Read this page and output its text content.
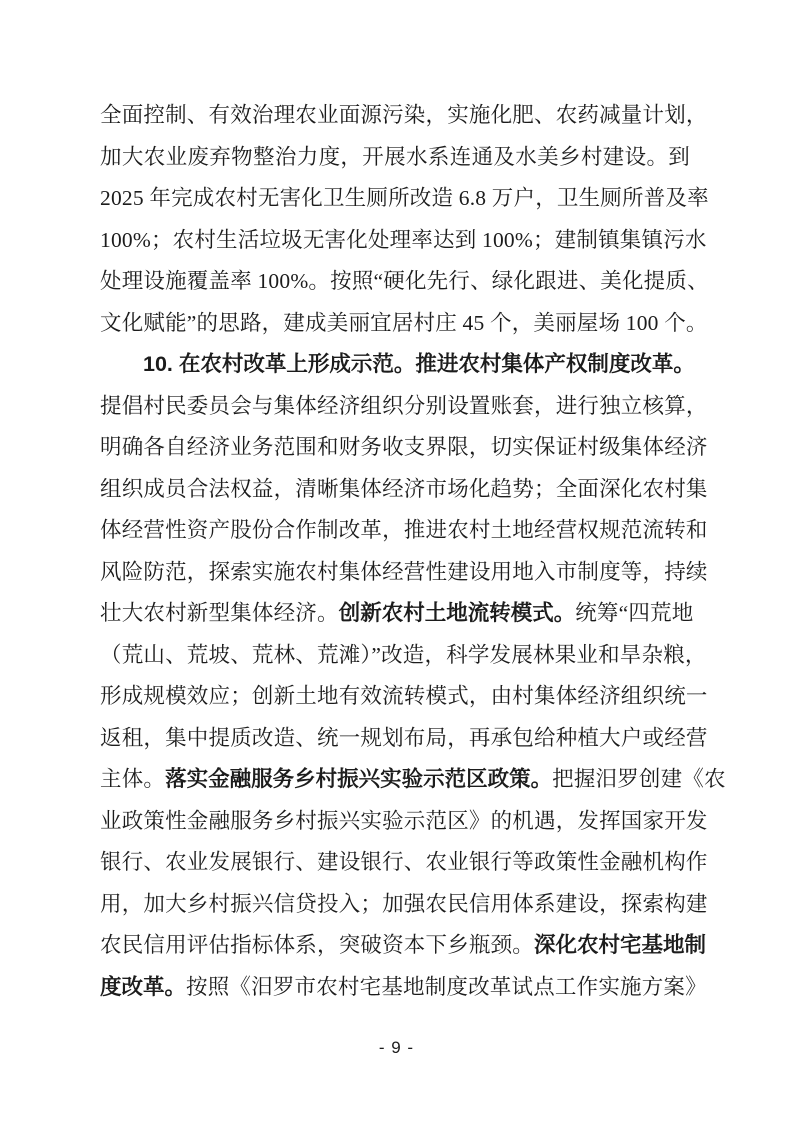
全面控制、有效治理农业面源污染，实施化肥、农药减量计划，
加大农业废弃物整治力度，开展水系连通及水美乡村建设。到
2025 年完成农村无害化卫生厕所改造 6.8 万户，卫生厕所普及率
100%；农村生活垃圾无害化处理率达到 100%；建制镇集镇污水
处理设施覆盖率 100%。按照“硬化先行、绿化跟进、美化提质、
文化赋能”的思路，建成美丽宜居村庄 45 个，美丽屋场 100 个。
10. 在农村改革上形成示范。推进农村集体产权制度改革。
提倡村民委员会与集体经济组织分别设置账套，进行独立核算，
明确各自经济业务范围和财务收支界限，切实保证村级集体经济
组织成员合法权益，清晰集体经济市场化趋势；全面深化农村集
体经营性资产股份合作制改革，推进农村土地经营权规范流转和
风险防范，探索实施农村集体经营性建设用地入市制度等，持续
壮大农村新型集体经济。创新农村土地流转模式。统筹“四荒地
（荒山、荒坡、荒林、荒滩）”改造，科学发展林果业和旱杂粮，
形成规模效应；创新土地有效流转模式，由村集体经济组织统一
返租，集中提质改造、统一规划布局，再承包给种植大户或经营
主体。落实金融服务乡村振兴实验示范区政策。把握汨罗创建《农
业政策性金融服务乡村振兴实验示范区》的机遇，发挥国家开发
银行、农业发展银行、建设银行、农业银行等政策性金融机构作
用，加大乡村振兴信贷投入；加强农民信用体系建设，探索构建
农民信用评估指标体系，突破资本下乡瓶颈。深化农村宅基地制
度改革。按照《汨罗市农村宅基地制度改革试点工作实施方案》
- 9 -
